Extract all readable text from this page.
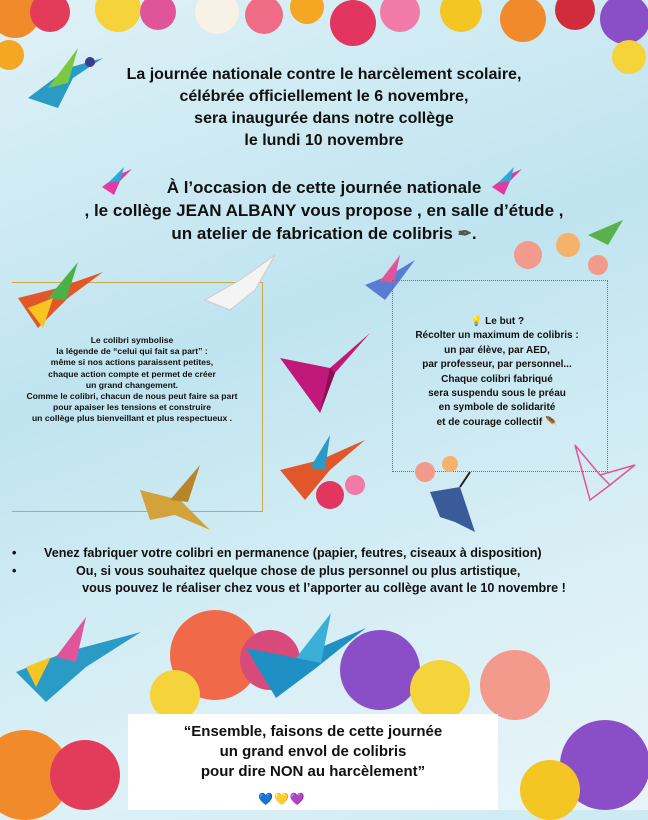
La journée nationale contre le harcèlement scolaire,
célébrée officiellement le 6 novembre,
sera inaugurée dans notre collège
le lundi 10 novembre
À l’occasion de cette journée nationale
, le collège JEAN ALBANY vous propose , en salle d’étude ,
un atelier de fabrication de colibris ✒.
Le colibri symbolise
la légende de “celui qui fait sa part” :
même si nos actions paraissent petites,
chaque action compte et permet de créer
un grand changement.
Comme le colibri, chacun de nous peut faire sa part
pour apaiser les tensions et construire
un collège plus bienveillant et plus respectueux .
💡 Le but ?
Récolter un maximum de colibris :
un par élève, par AED,
par professeur, par personnel...
Chaque colibri fabriqué
sera suspendu sous le préau
en symbole de solidarité
et de courage collectif 🪶
•	Venez fabriquer votre colibri en permanence (papier, feutres, ciseaux à disposition)
•	Ou, si vous souhaitez quelque chose de plus personnel ou plus artistique,
vous pouvez le réaliser chez vous et l’apporter au collège avant le 10 novembre !
“Ensemble, faisons de cette journée
un grand envol de colibris
pour dire NON au harcèlement”
💙💛💜
